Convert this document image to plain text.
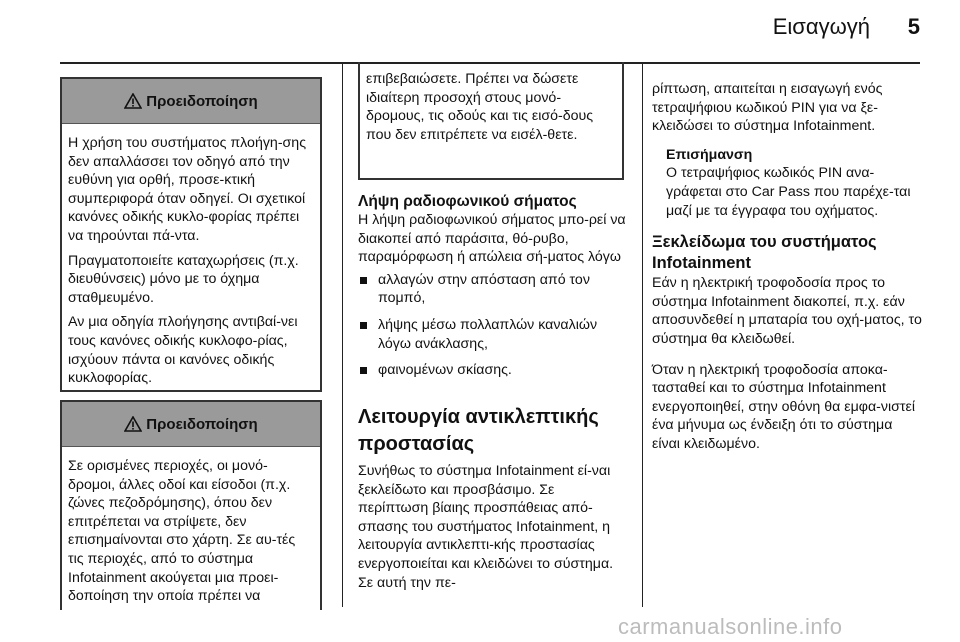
Εισαγωγή	5
Προειδοποίηση

Η χρήση του συστήματος πλοήγη-σης δεν απαλλάσσει τον οδηγό από την ευθύνη για ορθή, προσε-κτική συμπεριφορά όταν οδηγεί. Οι σχετικοί κανόνες οδικής κυκλο-φορίας πρέπει να τηρούνται πά-ντα.

Πραγματοποιείτε καταχωρήσεις (π.χ. διευθύνσεις) μόνο με το όχημα σταθμευμένο.

Αν μια οδηγία πλοήγησης αντιβαί-νει τους κανόνες οδικής κυκλοφο-ρίας, ισχύουν πάντα οι κανόνες οδικής κυκλοφορίας.

Προειδοποίηση

Σε ορισμένες περιοχές, οι μονό-δρομοι, άλλες οδοί και είσοδοι (π.χ. ζώνες πεζοδρόμησης), όπου δεν επιτρέπεται να στρίψετε, δεν επισημαίνονται στο χάρτη. Σε αυ-τές τις περιοχές, από το σύστημα Infotainment ακούγεται μια προει-δοποίηση την οποία πρέπει να

επιβεβαιώσετε. Πρέπει να δώσετε ιδιαίτερη προσοχή στους μονό-δρομους, τις οδούς και τις εισό-δους που δεν επιτρέπετε να εισέλ-θετε.

Λήψη ραδιοφωνικού σήματος

Η λήψη ραδιοφωνικού σήματος μπο-ρεί να διακοπεί από παράσιτα, θό-ρυβο, παραμόρφωση ή απώλεια σή-ματος λόγω

αλλαγών στην απόσταση από τον πομπό,
λήψης μέσω πολλαπλών καναλιών λόγω ανάκλασης,
φαινομένων σκίασης.
Λειτουργία αντικλεπτικής προστασίας

Συνήθως το σύστημα Infotainment εί-ναι ξεκλείδωτο και προσβάσιμο. Σε περίπτωση βίαιης προσπάθειας από-σπασης του συστήματος Infotainment, η λειτουργία αντικλεπτι-κής προστασίας ενεργοποιείται και κλειδώνει το σύστημα. Σε αυτή την πε-

ρίπτωση, απαιτείται η εισαγωγή ενός τετραψήφιου κωδικού PIN για να ξε-κλειδώσει το σύστημα Infotainment.

Επισήμανση
Ο τετραψήφιος κωδικός PIN ανα-γράφεται στο Car Pass που παρέχε-ται μαζί με τα έγγραφα του οχήματος.
Ξεκλείδωμα του συστήματος Infotainment

Εάν η ηλεκτρική τροφοδοσία προς το σύστημα Infotainment διακοπεί, π.χ. εάν αποσυνδεθεί η μπαταρία του οχή-ματος, το σύστημα θα κλειδωθεί.

Όταν η ηλεκτρική τροφοδοσία αποκα-τασταθεί και το σύστημα Infotainment ενεργοποιηθεί, στην οθόνη θα εμφα-νιστεί ένα μήνυμα ως ένδειξη ότι το σύστημα είναι κλειδωμένο.

carmanualsonline.info
